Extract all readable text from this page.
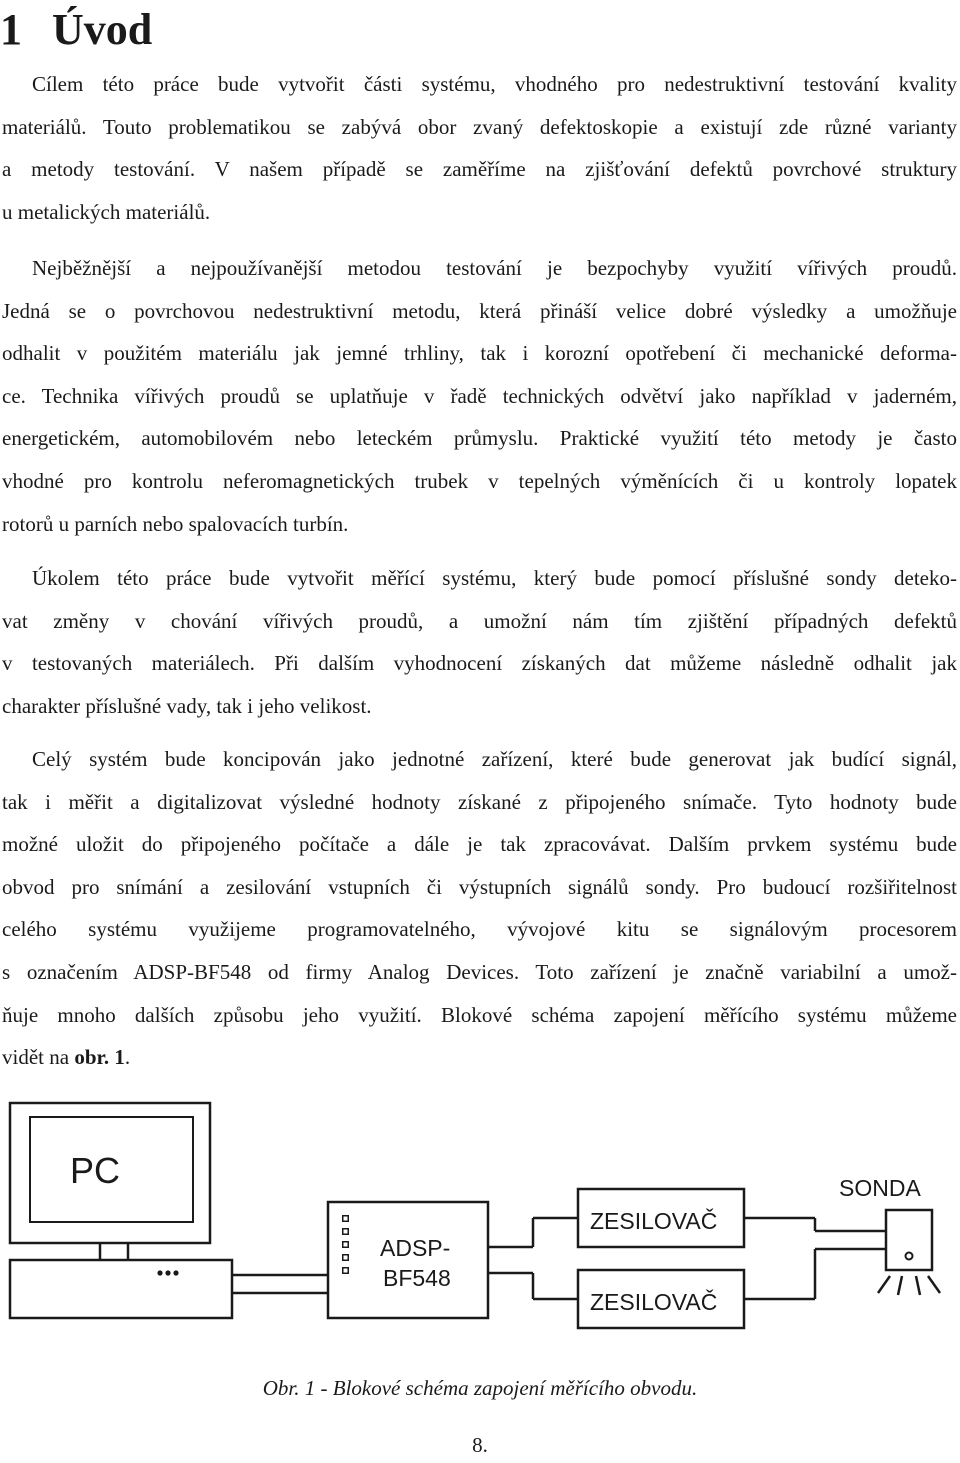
1 Úvod
Cílem této práce bude vytvořit části systému, vhodného pro nedestruktivní testování kvality
materiálů. Touto problematikou se zabývá obor zvaný defektoskopie a existují zde různé varianty
a metody testování. V našem případě se zaměříme na zjišťování defektů povrchové struktury
u metalických materiálů.
Nejběžnější a nejpoužívanější metodou testování je bezpochyby využití vířivých proudů.
Jedná se o povrchovou nedestruktivní metodu, která přináší velice dobré výsledky a umožňuje
odhalit v použitém materiálu jak jemné trhliny, tak i korozní opotřebení či mechanické deforma-
ce. Technika vířivých proudů se uplatňuje v řadě technických odvětví jako například v jaderném,
energetickém, automobilovém nebo leteckém průmyslu. Praktické využití této metody je často
vhodné pro kontrolu neferomagnetických trubek v tepelných výměnících či u kontroly lopatek
rotorů u parních nebo spalovacích turbín.
Úkolem této práce bude vytvořit měřící systému, který bude pomocí příslušné sondy deteko-
vat změny v chování vířivých proudů, a umožní nám tím zjištění případných defektů
v testovaných materiálech. Při dalším vyhodnocení získaných dat můžeme následně odhalit jak
charakter příslušné vady, tak i jeho velikost.
Celý systém bude koncipován jako jednotné zařízení, které bude generovat jak budící signál,
tak i měřit a digitalizovat výsledné hodnoty získané z připojeného snímače. Tyto hodnoty bude
možné uložit do připojeného počítače a dále je tak zpracovávat. Dalším prvkem systému bude
obvod pro snímání a zesilování vstupních či výstupních signálů sondy. Pro budoucí rozšiřitelnost
celého systému využijeme programovatelného, vývojové kitu se signálovým procesorem
s označením ADSP-BF548 od firmy Analog Devices. Toto zařízení je značně variabilní a umož-
ňuje mnoho dalších způsobu jeho využití. Blokové schéma zapojení měřícího systému můžeme
vidět na obr. 1.
PC
ADSP-
BF548
ZESILOVAČ
ZESILOVAČ
SONDA

Obr. 1 - Blokové schéma zapojení měřícího obvodu.

8.
